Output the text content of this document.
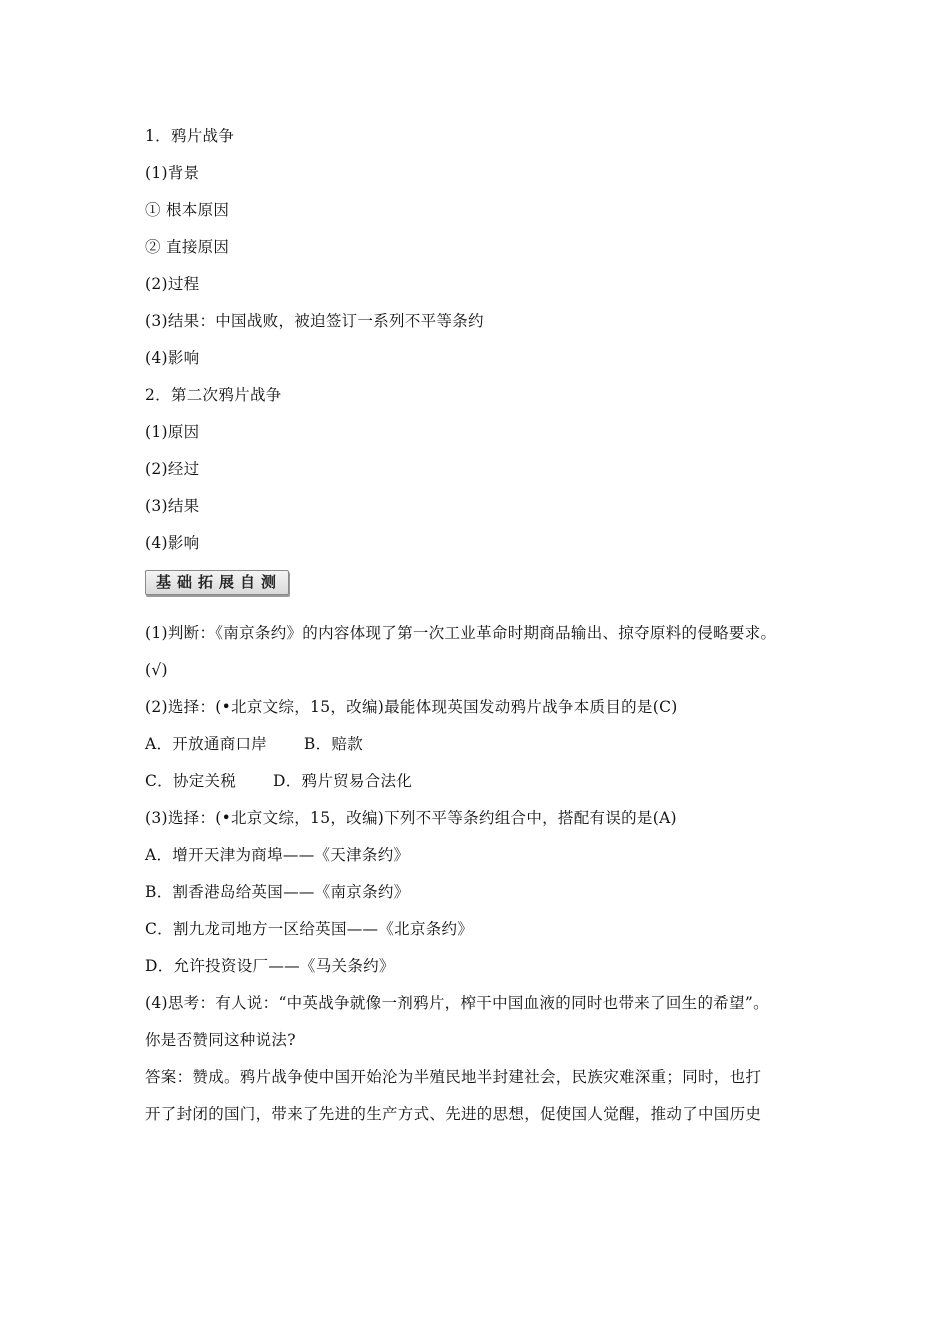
1．鸦片战争
(1)背景
① 根本原因
② 直接原因
(2)过程
(3)结果：中国战败，被迫签订一系列不平等条约
(4)影响
2．第二次鸦片战争
(1)原因
(2)经过
(3)结果
(4)影响
基础拓展自测
(1)判断：《南京条约》的内容体现了第一次工业革命时期商品输出、掠夺原料的侵略要求。
(√)
(2)选择：(•北京文综，15，改编)最能体现英国发动鸦片战争本质目的是(C)
A．开放通商口岸　　 B．赔款
C．协定关税　　 D．鸦片贸易合法化
(3)选择：(•北京文综，15，改编)下列不平等条约组合中，搭配有误的是(A)
A．增开天津为商埠——《天津条约》
B．割香港岛给英国——《南京条约》
C．割九龙司地方一区给英国——《北京条约》
D．允许投资设厂——《马关条约》
(4)思考：有人说：“中英战争就像一剂鸦片，榨干中国血液的同时也带来了回生的希望”。
你是否赞同这种说法?
答案：赞成。鸦片战争使中国开始沦为半殖民地半封建社会，民族灾难深重；同时，也打
开了封闭的国门，带来了先进的生产方式、先进的思想，促使国人觉醒，推动了中国历史
